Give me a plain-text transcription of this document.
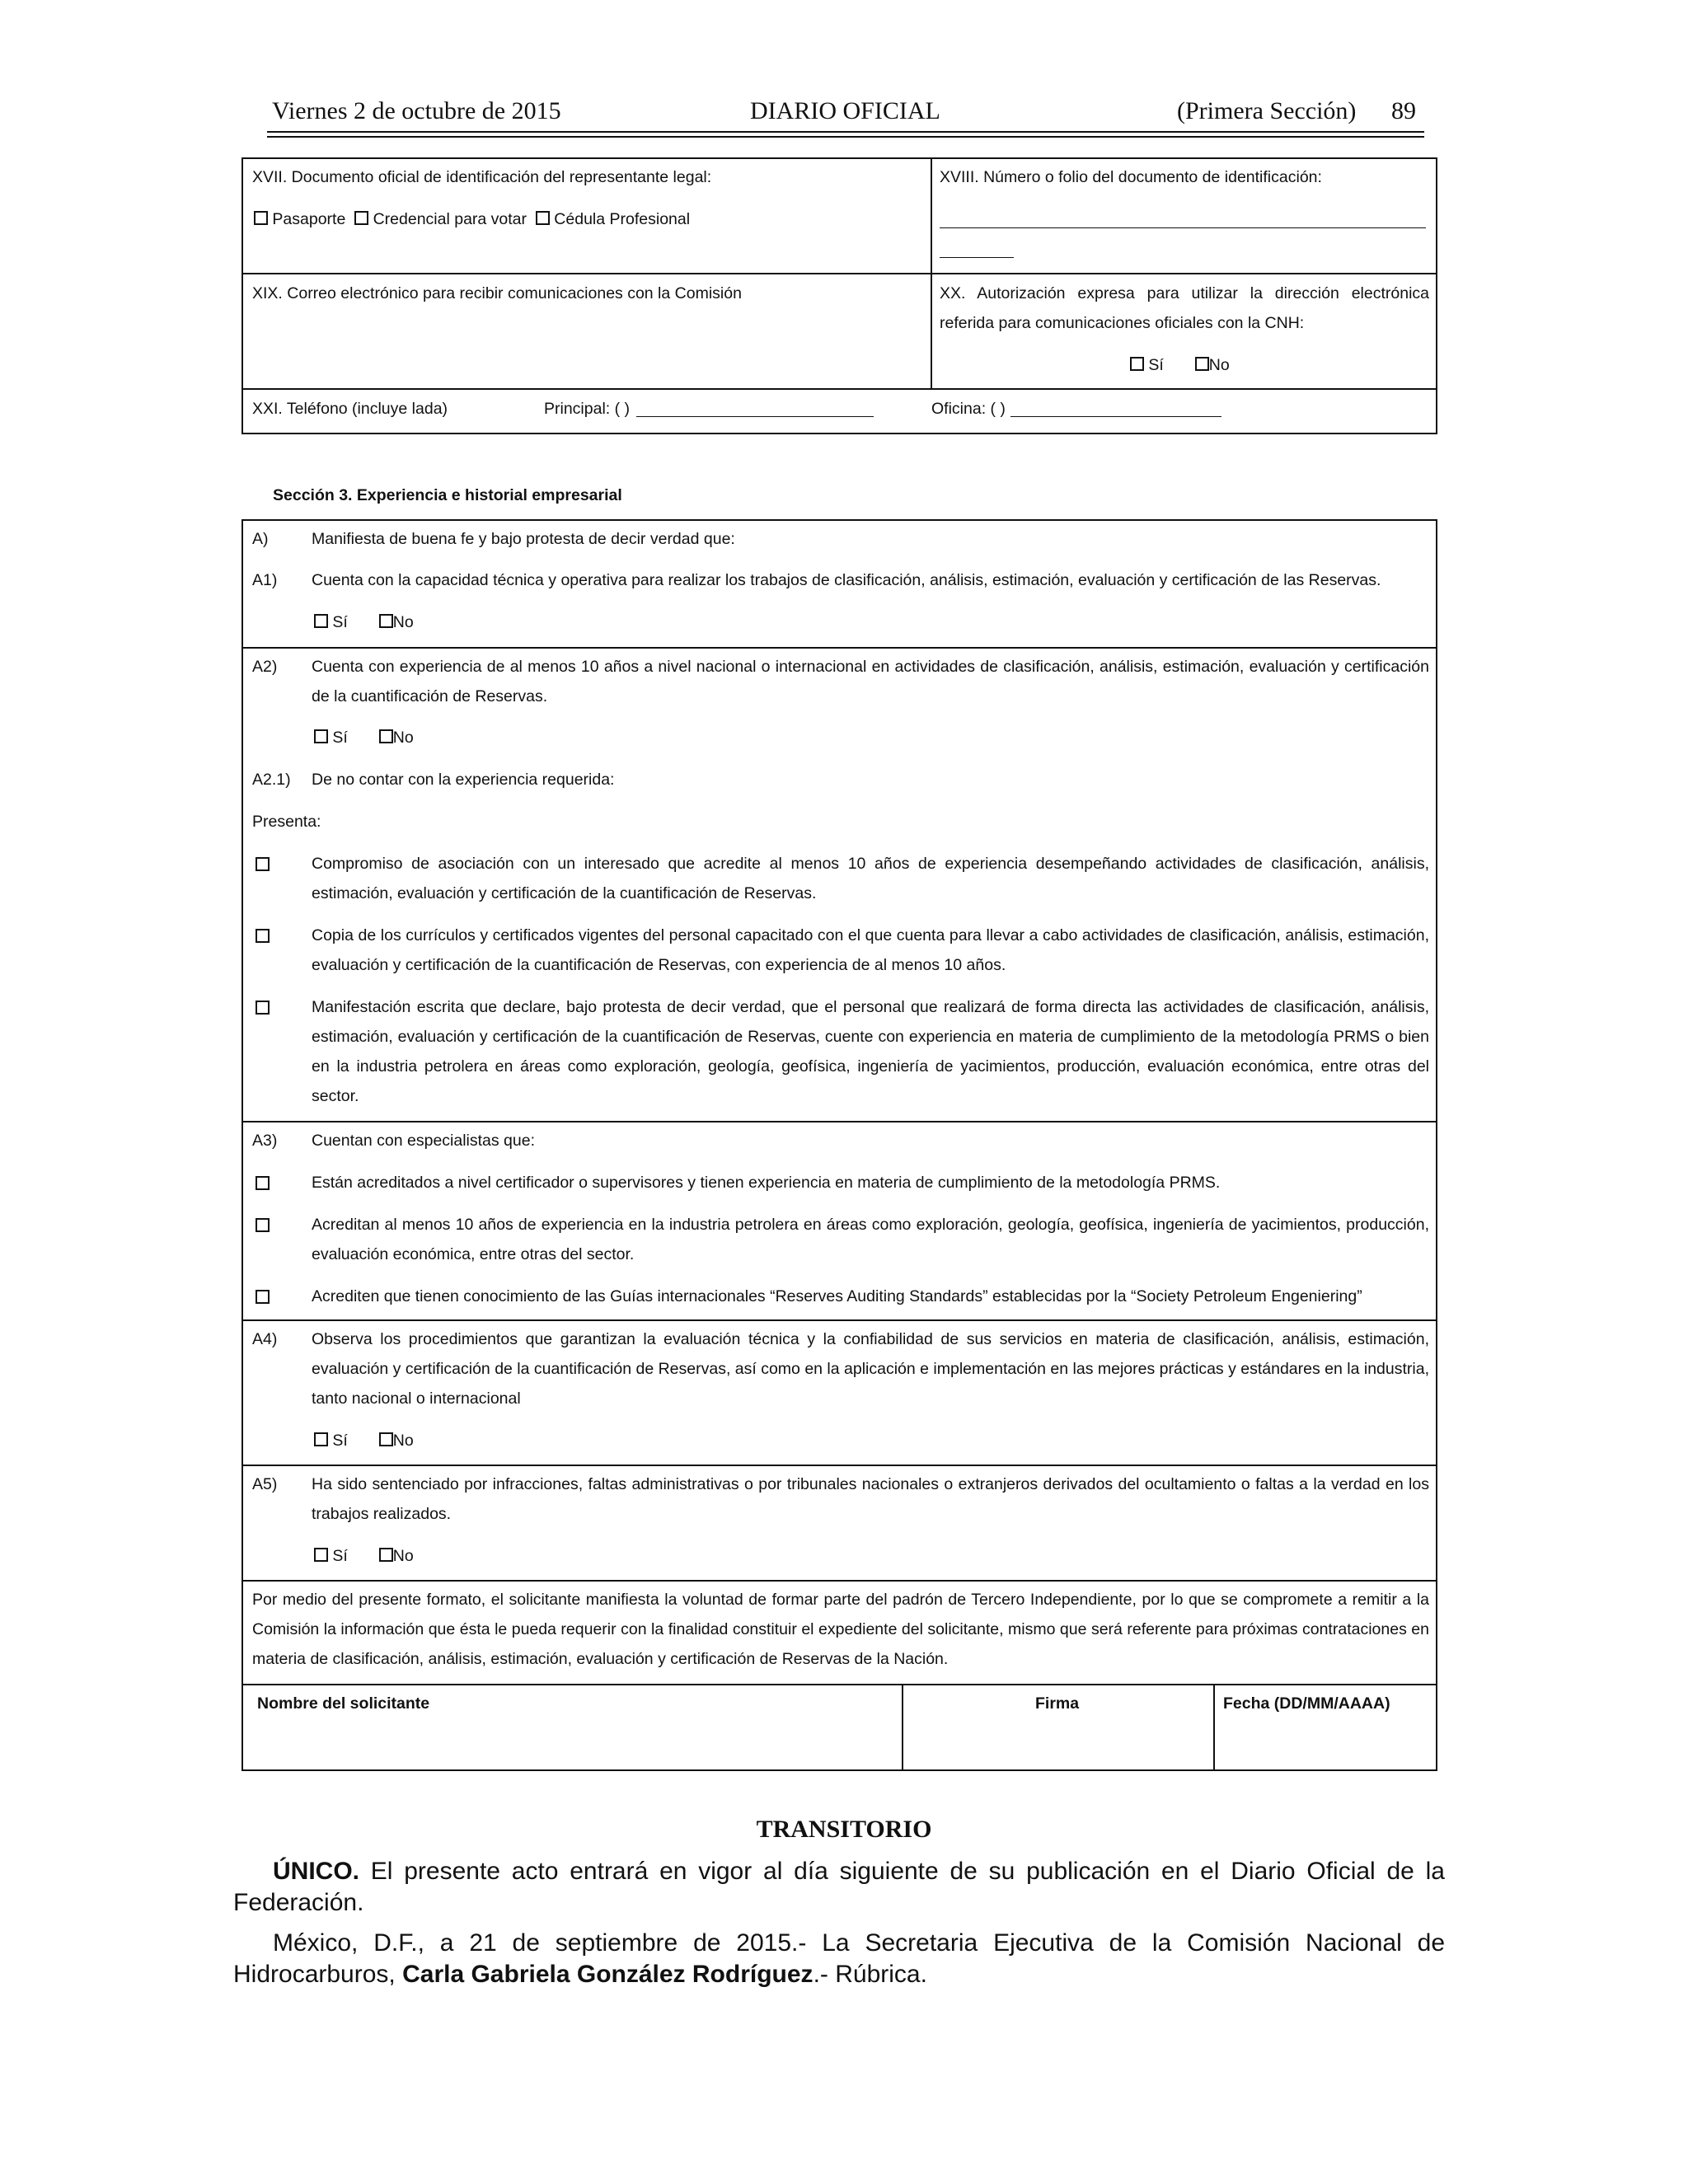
Viernes 2 de octubre de 2015	DIARIO OFICIAL	(Primera Sección) 89
XVII. Documento oficial de identificación del representante legal:
Pasaporte Credencial para votar Cédula Profesional
XVIII. Número o folio del documento de identificación:
XIX. Correo electrónico para recibir comunicaciones con la Comisión	XX. Autorización expresa para utilizar la dirección electrónica referida para comunicaciones oficiales con la CNH:
Sí	No
XXI. Teléfono (incluye lada)	Principal: ( )	Oficina: ( )
Sección 3. Experiencia e historial empresarial
A)	Manifiesta de buena fe y bajo protesta de decir verdad que:
A1) Cuenta con la capacidad técnica y operativa para realizar los trabajos de clasificación, análisis, estimación, evaluación y certificación de las Reservas.
Sí	No
A2) Cuenta con experiencia de al menos 10 años a nivel nacional o internacional en actividades de clasificación, análisis, estimación, evaluación y certificación de la cuantificación de Reservas.
Sí	No
A2.1) De no contar con la experiencia requerida:
Presenta:
Compromiso de asociación con un interesado que acredite al menos 10 años de experiencia desempeñando actividades de clasificación, análisis, estimación, evaluación y certificación de la cuantificación de Reservas.
Copia de los currículos y certificados vigentes del personal capacitado con el que cuenta para llevar a cabo actividades de clasificación, análisis, estimación, evaluación y certificación de la cuantificación de Reservas, con experiencia de al menos 10 años.
Manifestación escrita que declare, bajo protesta de decir verdad, que el personal que realizará de forma directa las actividades de clasificación, análisis, estimación, evaluación y certificación de la cuantificación de Reservas, cuente con experiencia en materia de cumplimiento de la metodología PRMS o bien en la industria petrolera en áreas como exploración, geología, geofísica, ingeniería de yacimientos, producción, evaluación económica, entre otras del sector.
A3) Cuentan con especialistas que:
Están acreditados a nivel certificador o supervisores y tienen experiencia en materia de cumplimiento de la metodología PRMS.
Acreditan al menos 10 años de experiencia en la industria petrolera en áreas como exploración, geología, geofísica, ingeniería de yacimientos, producción, evaluación económica, entre otras del sector.
Acrediten que tienen conocimiento de las Guías internacionales “Reserves Auditing Standards” establecidas por la “Society Petroleum Engeniering”
A4) Observa los procedimientos que garantizan la evaluación técnica y la confiabilidad de sus servicios en materia de clasificación, análisis, estimación, evaluación y certificación de la cuantificación de Reservas, así como en la aplicación e implementación en las mejores prácticas y estándares en la industria, tanto nacional o internacional
Sí	No
A5) Ha sido sentenciado por infracciones, faltas administrativas o por tribunales nacionales o extranjeros derivados del ocultamiento o faltas a la verdad en los trabajos realizados.
Sí	No
Por medio del presente formato, el solicitante manifiesta la voluntad de formar parte del padrón de Tercero Independiente, por lo que se compromete a remitir a la Comisión la información que ésta le pueda requerir con la finalidad constituir el expediente del solicitante, mismo que será referente para próximas contrataciones en materia de clasificación, análisis, estimación, evaluación y certificación de Reservas de la Nación.
Nombre del solicitante	Firma	Fecha (DD/MM/AAAA)
TRANSITORIO
ÚNICO. El presente acto entrará en vigor al día siguiente de su publicación en el Diario Oficial de la Federación.
México, D.F., a 21 de septiembre de 2015.- La Secretaria Ejecutiva de la Comisión Nacional de Hidrocarburos, Carla Gabriela González Rodríguez.- Rúbrica.
